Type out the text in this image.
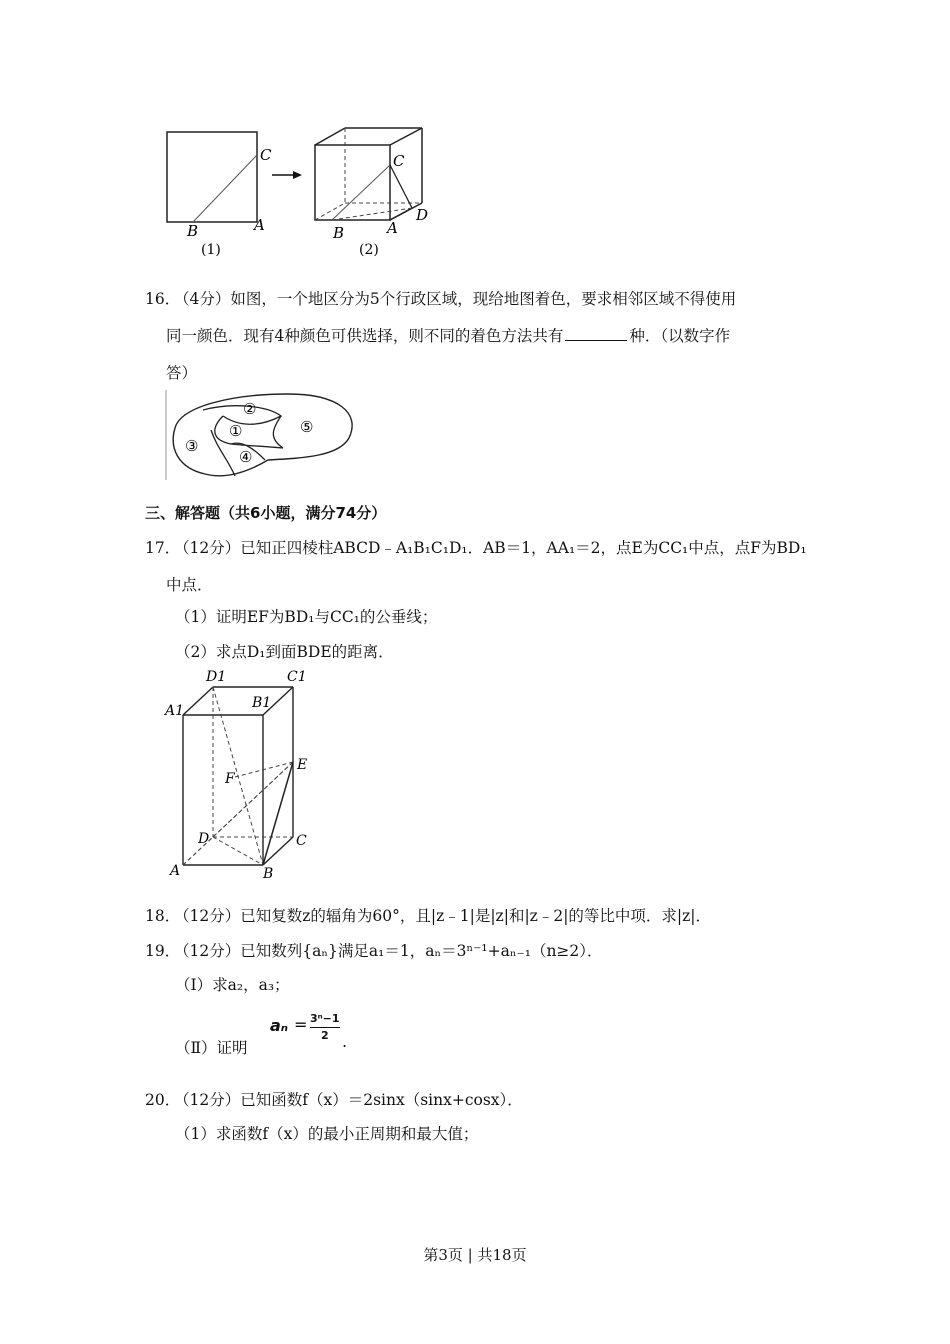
C
B	A
(1)
C
B	A
D
(2)
16．
（4分）如图，一个地区分为5个行政区域，现给地图着色，要求相邻区域不得使用
同一颜色．现有4种颜色可供选择，则不同的着色方法共有	种．（以数字作
答）
②
①	⑤
③
④
三、解答题（共6小题，满分74分）
17．
（12分）已知正四棱柱ABCD﹣A₁B₁C₁D₁．AB＝1，AA₁＝2，点E为CC₁中点，点F为BD₁
中点．
（1）证明EF为BD₁与CC₁的公垂线；
（2）求点D₁到面BDE的距离．
D1	C1
A1	B1
F
E
D	C
A	B
18．
（12分）已知复数z的辐角为60°，且|z﹣1|是|z|和|z﹣2|的等比中项．求|z|．
19．
（12分）已知数列{aₙ}满足a₁＝1，aₙ＝3ⁿ⁻¹+aₙ₋₁（n≥2）．
（Ⅰ）求a₂，a₃；
（Ⅱ）证明
aₙ = 3ⁿ−1
2 .
20．
（12分）已知函数f（x）＝2sinx（sinx+cosx）．
（1）求函数f（x）的最小正周期和最大值；
第3页 | 共18页
